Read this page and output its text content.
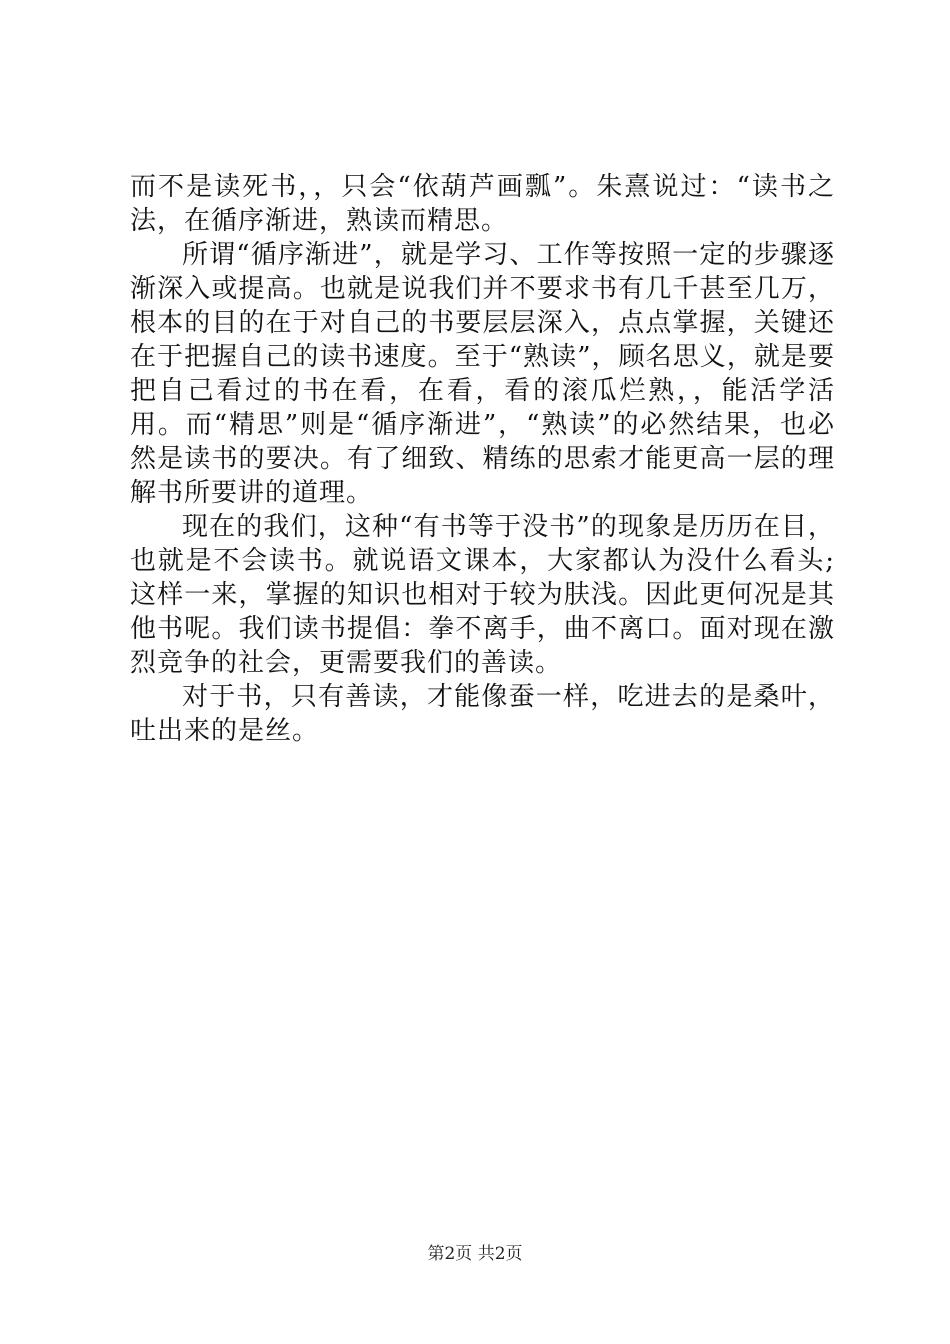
而不是读死书，，只会“依葫芦画瓢”。朱熹说过：“读书之法，在循序渐进，熟读而精思。

所谓“循序渐进”，就是学习、工作等按照一定的步骤逐渐深入或提高。也就是说我们并不要求书有几千甚至几万，根本的目的在于对自己的书要层层深入，点点掌握，关键还在于把握自己的读书速度。至于“熟读”，顾名思义，就是要把自己看过的书在看，在看，看的滚瓜烂熟，，能活学活用。而“精思”则是“循序渐进”，“熟读”的必然结果，也必然是读书的要决。有了细致、精练的思索才能更高一层的理解书所要讲的道理。

现在的我们，这种“有书等于没书”的现象是历历在目，也就是不会读书。就说语文课本，大家都认为没什么看头;这样一来，掌握的知识也相对于较为肤浅。因此更何况是其他书呢。我们读书提倡：拳不离手，曲不离口。面对现在激烈竞争的社会，更需要我们的善读。

对于书，只有善读，才能像蚕一样，吃进去的是桑叶，吐出来的是丝。

第2页 共2页
